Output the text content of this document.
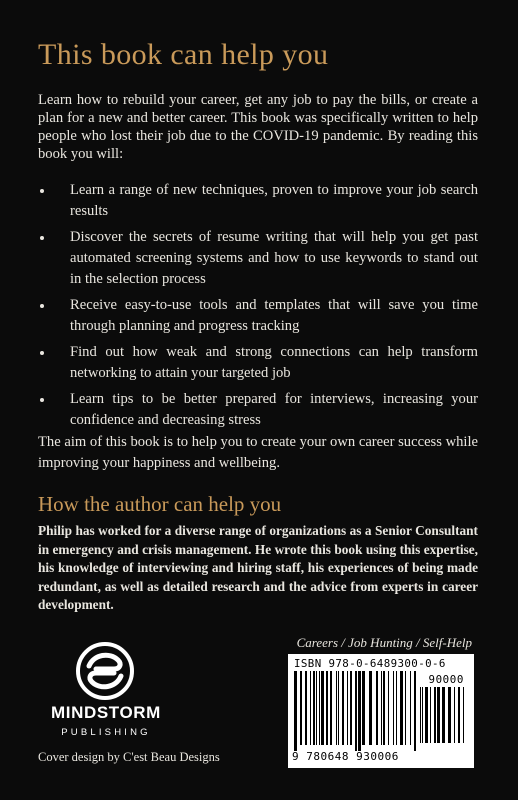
This book can help you

Learn how to rebuild your career, get any job to pay the bills, or create a plan for a new and better career. This book was specifically written to help people who lost their job due to the COVID-19 pandemic. By reading this book you will:

Learn a range of new techniques, proven to improve your job search results
Discover the secrets of resume writing that will help you get past automated screening systems and how to use keywords to stand out in the selection process
Receive easy-to-use tools and templates that will save you time through planning and progress tracking
Find out how weak and strong connections can help transform networking to attain your targeted job
Learn tips to be better prepared for interviews, increasing your confidence and decreasing stress

The aim of this book is to help you to create your own career success while improving your happiness and wellbeing.

How the author can help you

Philip has worked for a diverse range of organizations as a Senior Consultant in emergency and crisis management. He wrote this book using this expertise, his knowledge of interviewing and hiring staff, his experiences of being made redundant, as well as detailed research and the advice from experts in career development.

Careers / Job Hunting / Self-Help
ISBN 978-0-6489300-0-6
90000
9 780648 930006
MINDSTORM
PUBLISHING
Cover design by C'est Beau Designs
